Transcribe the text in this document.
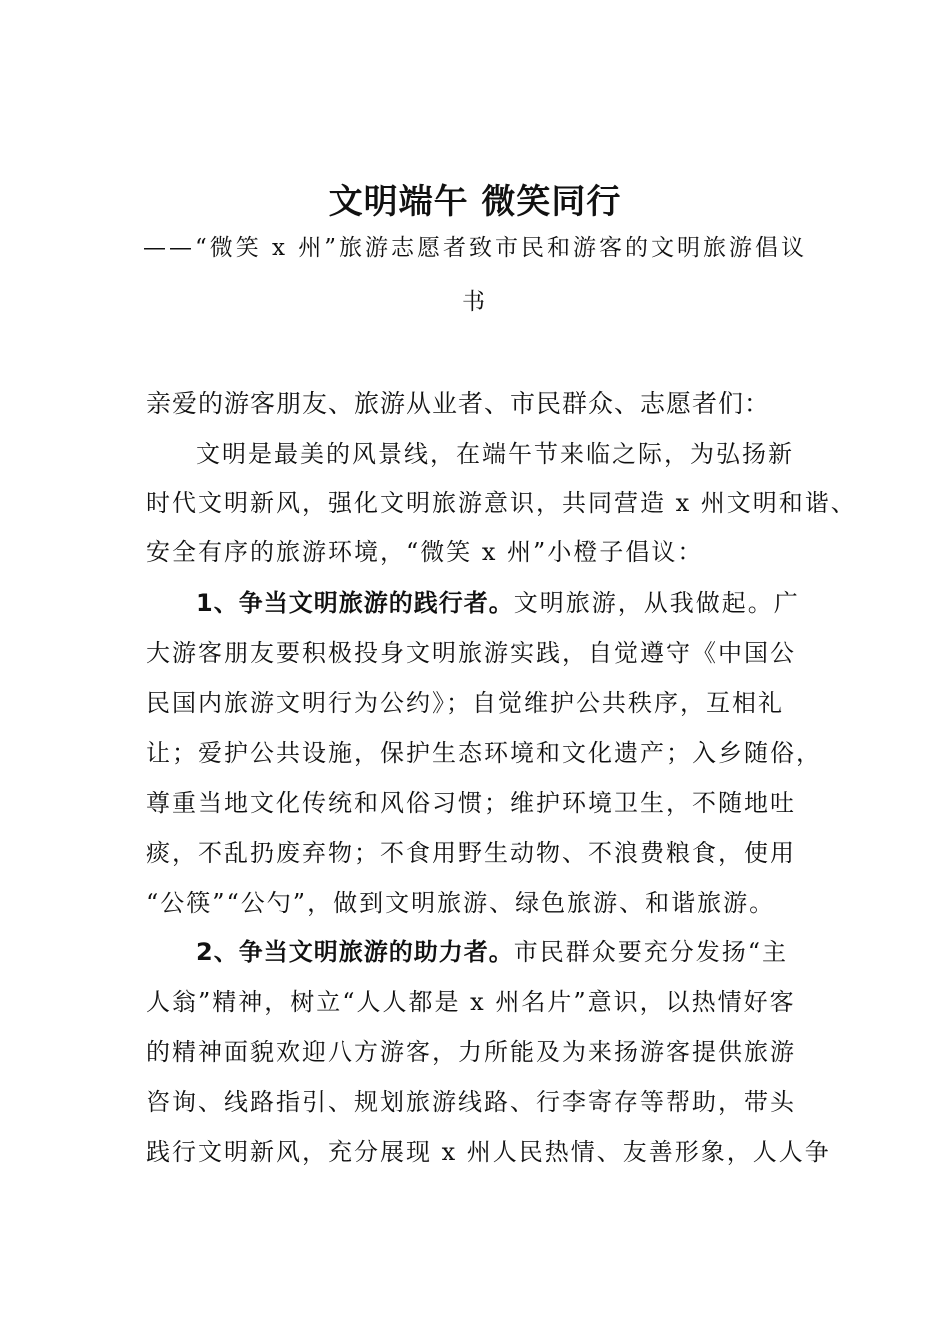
文明端午 微笑同行
——“微笑 x 州”旅游志愿者致市民和游客的文明旅游倡议
书
亲爱的游客朋友、旅游从业者、市民群众、志愿者们：
文明是最美的风景线，在端午节来临之际，为弘扬新
时代文明新风，强化文明旅游意识，共同营造 x 州文明和谐、
安全有序的旅游环境，“微笑 x 州”小橙子倡议：
1、争当文明旅游的践行者。文明旅游，从我做起。广
大游客朋友要积极投身文明旅游实践，自觉遵守《中国公
民国内旅游文明行为公约》；自觉维护公共秩序，互相礼
让；爱护公共设施，保护生态环境和文化遗产；入乡随俗，
尊重当地文化传统和风俗习惯；维护环境卫生，不随地吐
痰，不乱扔废弃物；不食用野生动物、不浪费粮食，使用
“公筷”“公勺”，做到文明旅游、绿色旅游、和谐旅游。
2、争当文明旅游的助力者。市民群众要充分发扬“主
人翁”精神，树立“人人都是 x 州名片”意识，以热情好客
的精神面貌欢迎八方游客，力所能及为来扬游客提供旅游
咨询、线路指引、规划旅游线路、行李寄存等帮助，带头
践行文明新风，充分展现 x 州人民热情、友善形象，人人争
